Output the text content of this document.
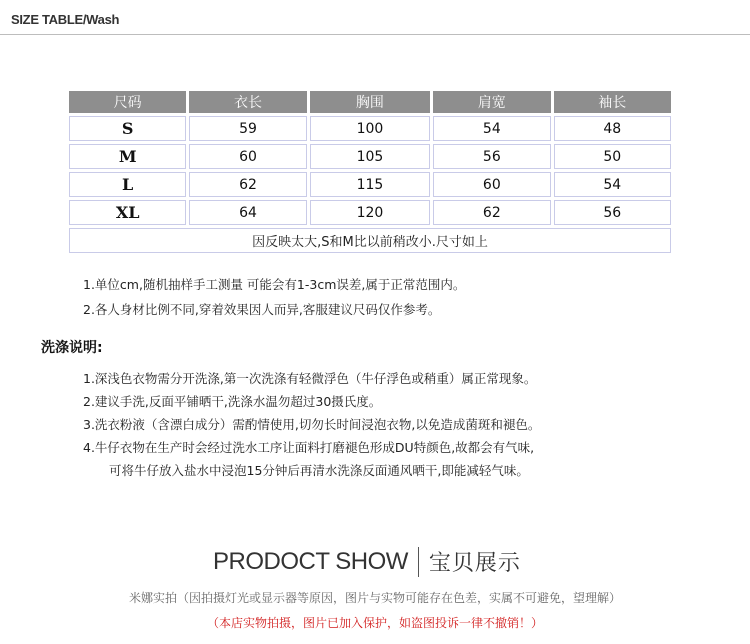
SIZE TABLE/Wash
尺码	衣长	胸围	肩宽	袖长
S	59	100	54	48
M	60	105	56	50
L	62	115	60	54
XL	64	120	62	56
因反映太大,S和M比以前稍改小.尺寸如上				
1.单位cm,随机抽样手工测量 可能会有1-3cm误差,属于正常范围内。
2.各人身材比例不同,穿着效果因人而异,客服建议尺码仅作参考。
洗涤说明:
1.深浅色衣物需分开洗涤,第一次洗涤有轻微浮色（牛仔浮色或稍重）属正常现象。
2.建议手洗,反面平铺晒干,洗涤水温勿超过30摄氏度。
3.洗衣粉液（含漂白成分）需酌情使用,切勿长时间浸泡衣物,以免造成菌斑和褪色。
4.牛仔衣物在生产时会经过洗水工序让面料打磨褪色形成DU特颜色,故都会有气味,
可将牛仔放入盐水中浸泡15分钟后再清水洗涤反面通风晒干,即能减轻气味。
PRODOCT SHOW 宝贝展示
米娜实拍（因拍摄灯光或显示器等原因，图片与实物可能存在色差，实属不可避免，望理解）
（本店实物拍摄，图片已加入保护，如盗图投诉一律不撤销！）
